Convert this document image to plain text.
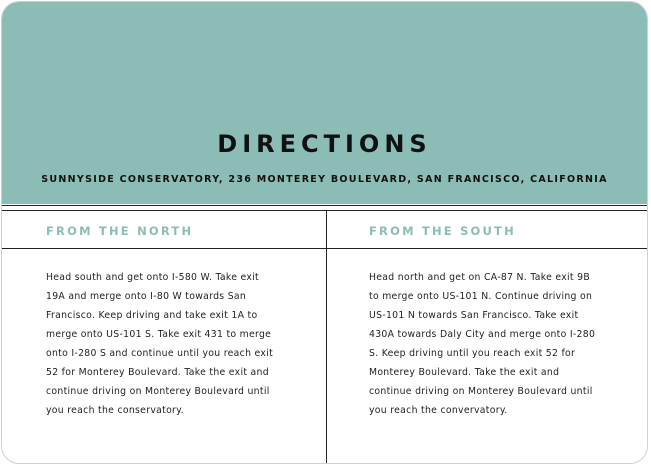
DIRECTIONS
SUNNYSIDE CONSERVATORY, 236 MONTEREY BOULEVARD, SAN FRANCISCO, CALIFORNIA
FROM THE NORTH	FROM THE SOUTH
Head south and get onto I-580 W. Take exit 19A and merge onto I-80 W towards San Francisco. Keep driving and take exit 1A to merge onto US-101 S. Take exit 431 to merge onto I-280 S and continue until you reach exit 52 for Monterey Boulevard. Take the exit and continue driving on Monterey Boulevard until you reach the conservatory.
Head north and get on CA-87 N. Take exit 9B to merge onto US-101 N. Continue driving on US-101 N towards San Francisco. Take exit 430A towards Daly City and merge onto I-280 S. Keep driving until you reach exit 52 for Monterey Boulevard. Take the exit and continue driving on Monterey Boulevard until you reach the convervatory.
